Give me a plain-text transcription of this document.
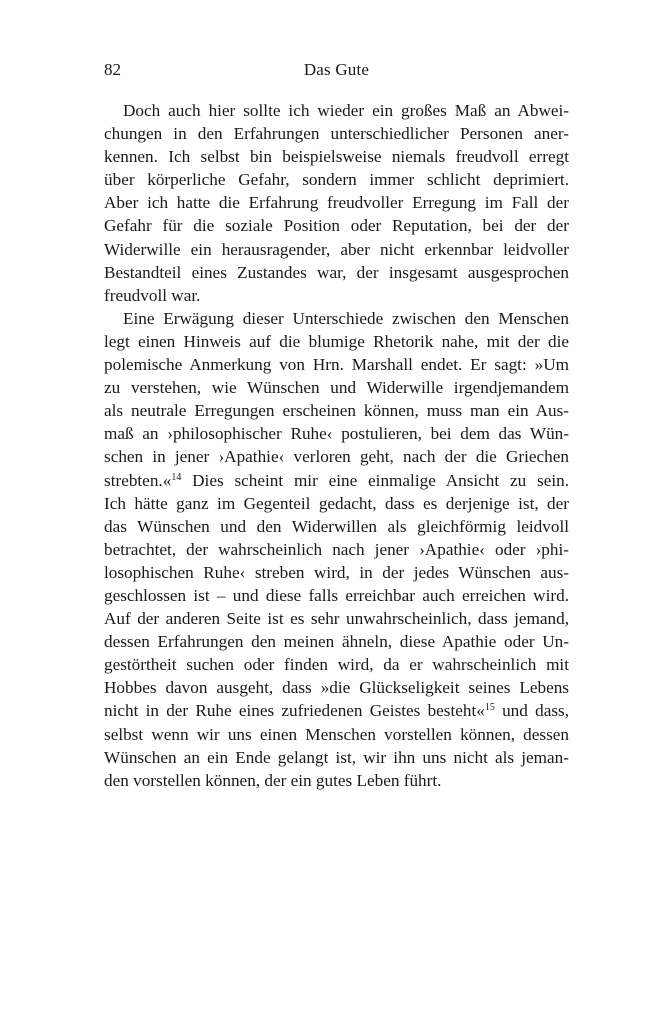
82	Das Gute
Doch auch hier sollte ich wieder ein großes Maß an Abwei-
chungen in den Erfahrungen unterschiedlicher Personen aner-
kennen. Ich selbst bin beispielsweise niemals freudvoll erregt
über körperliche Gefahr, sondern immer schlicht deprimiert.
Aber ich hatte die Erfahrung freudvoller Erregung im Fall der
Gefahr für die soziale Position oder Reputation, bei der der
Widerwille ein herausragender, aber nicht erkennbar leidvoller
Bestandteil eines Zustandes war, der insgesamt ausgesprochen
freudvoll war.
Eine Erwägung dieser Unterschiede zwischen den Menschen
legt einen Hinweis auf die blumige Rhetorik nahe, mit der die
polemische Anmerkung von Hrn. Marshall endet. Er sagt: »Um
zu verstehen, wie Wünschen und Widerwille irgendjemandem
als neutrale Erregungen erscheinen können, muss man ein Aus-
maß an ›philosophischer Ruhe‹ postulieren, bei dem das Wün-
schen in jener ›Apathie‹ verloren geht, nach der die Griechen
strebten.«$^{14}$ Dies scheint mir eine einmalige Ansicht zu sein.
Ich hätte ganz im Gegenteil gedacht, dass es derjenige ist, der
das Wünschen und den Widerwillen als gleichförmig leidvoll
betrachtet, der wahrscheinlich nach jener ›Apathie‹ oder ›phi-
losophischen Ruhe‹ streben wird, in der jedes Wünschen aus-
geschlossen ist – und diese falls erreichbar auch erreichen wird.
Auf der anderen Seite ist es sehr unwahrscheinlich, dass jemand,
dessen Erfahrungen den meinen ähneln, diese Apathie oder Un-
gestörtheit suchen oder finden wird, da er wahrscheinlich mit
Hobbes davon ausgeht, dass »die Glückseligkeit seines Lebens
nicht in der Ruhe eines zufriedenen Geistes besteht«$^{15}$ und dass,
selbst wenn wir uns einen Menschen vorstellen können, dessen
Wünschen an ein Ende gelangt ist, wir ihn uns nicht als jeman-
den vorstellen können, der ein gutes Leben führt.
